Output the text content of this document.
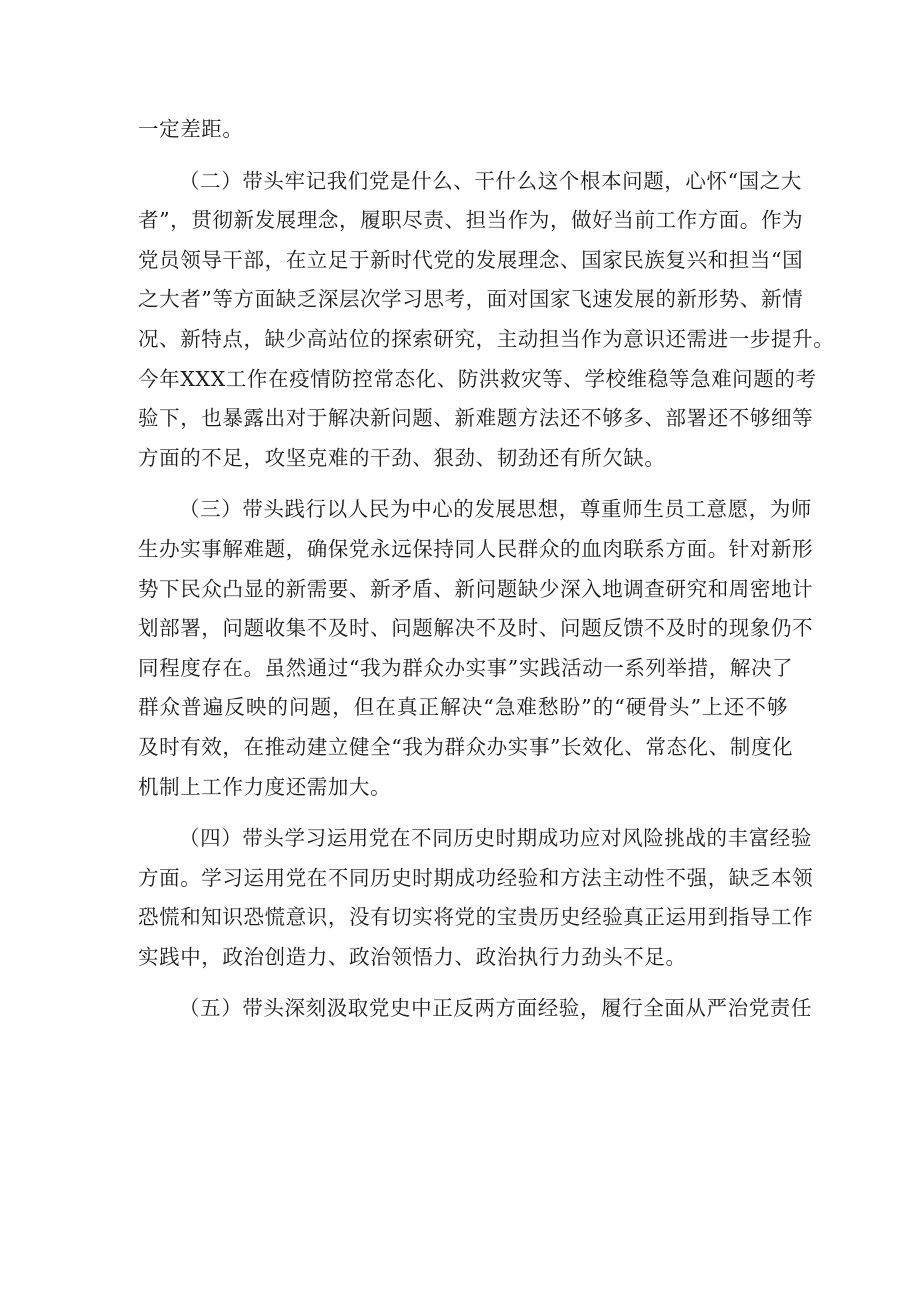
一定差距。
（二）带头牢记我们党是什么、干什么这个根本问题，心怀“国之大
者”，贯彻新发展理念，履职尽责、担当作为，做好当前工作方面。作为
党员领导干部，在立足于新时代党的发展理念、国家民族复兴和担当“国
之大者”等方面缺乏深层次学习思考，面对国家飞速发展的新形势、新情
况、新特点，缺少高站位的探索研究，主动担当作为意识还需进一步提升。
今年XXX工作在疫情防控常态化、防洪救灾等、学校维稳等急难问题的考
验下，也暴露出对于解决新问题、新难题方法还不够多、部署还不够细等
方面的不足，攻坚克难的干劲、狠劲、韧劲还有所欠缺。
（三）带头践行以人民为中心的发展思想，尊重师生员工意愿，为师
生办实事解难题，确保党永远保持同人民群众的血肉联系方面。针对新形
势下民众凸显的新需要、新矛盾、新问题缺少深入地调查研究和周密地计
划部署，问题收集不及时、问题解决不及时、问题反馈不及时的现象仍不
同程度存在。虽然通过“我为群众办实事”实践活动一系列举措，解决了
群众普遍反映的问题，但在真正解决“急难愁盼”的“硬骨头”上还不够
及时有效，在推动建立健全“我为群众办实事”长效化、常态化、制度化
机制上工作力度还需加大。
（四）带头学习运用党在不同历史时期成功应对风险挑战的丰富经验
方面。学习运用党在不同历史时期成功经验和方法主动性不强，缺乏本领
恐慌和知识恐慌意识，没有切实将党的宝贵历史经验真正运用到指导工作
实践中，政治创造力、政治领悟力、政治执行力劲头不足。
（五）带头深刻汲取党史中正反两方面经验，履行全面从严治党责任
